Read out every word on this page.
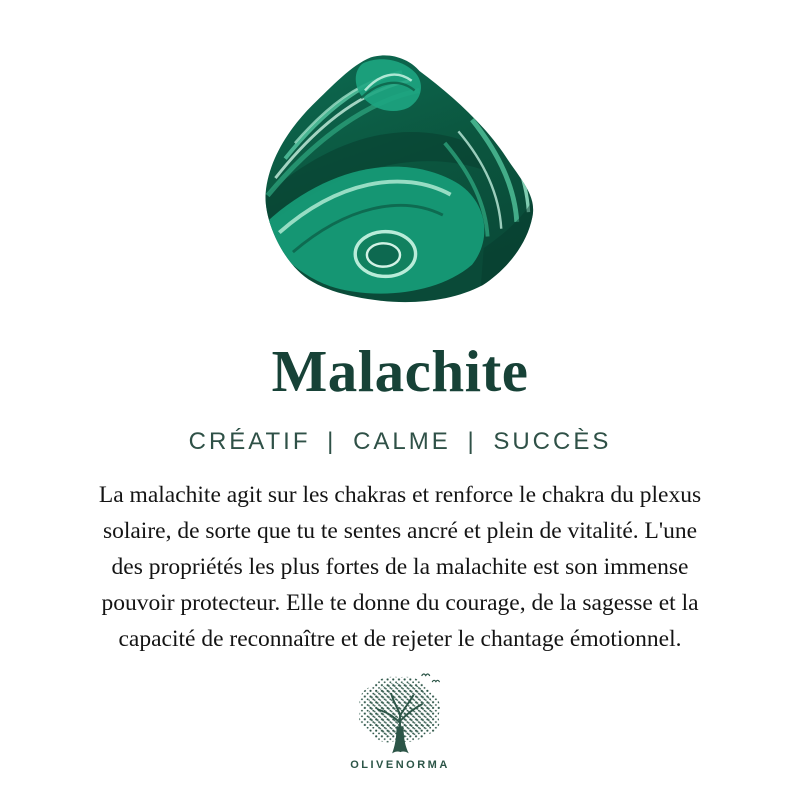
Malachite
CRÉATIF | CALME | SUCCÈS
La malachite agit sur les chakras et renforce le chakra du plexus
solaire, de sorte que tu te sentes ancré et plein de vitalité. L'une
des propriétés les plus fortes de la malachite est son immense
pouvoir protecteur. Elle te donne du courage, de la sagesse et la
capacité de reconnaître et de rejeter le chantage émotionnel.
OLIVENORMA
